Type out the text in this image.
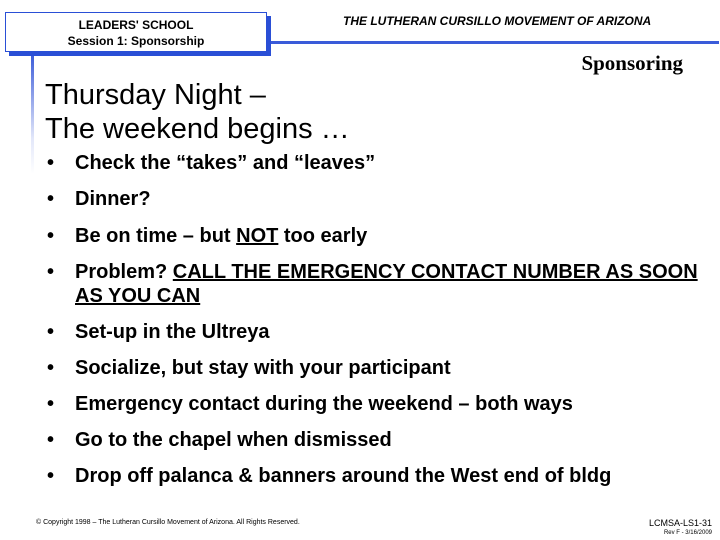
LEADERS' SCHOOL
Session 1: Sponsorship
THE LUTHERAN CURSILLO MOVEMENT OF ARIZONA
Sponsoring
Thursday Night –
The weekend begins …
• Check the “takes” and “leaves”
• Dinner?
• Be on time – but NOT too early
• Problem? CALL THE EMERGENCY CONTACT NUMBER AS SOON AS YOU CAN
• Set-up in the Ultreya
• Socialize, but stay with your participant
• Emergency contact during the weekend – both ways
• Go to the chapel when dismissed
• Drop off palanca & banners around the West end of bldg
© Copyright 1998 – The Lutheran Cursillo Movement of Arizona. All Rights Reserved.	LCMSA-LS1-31
Rev F - 3/16/2009
